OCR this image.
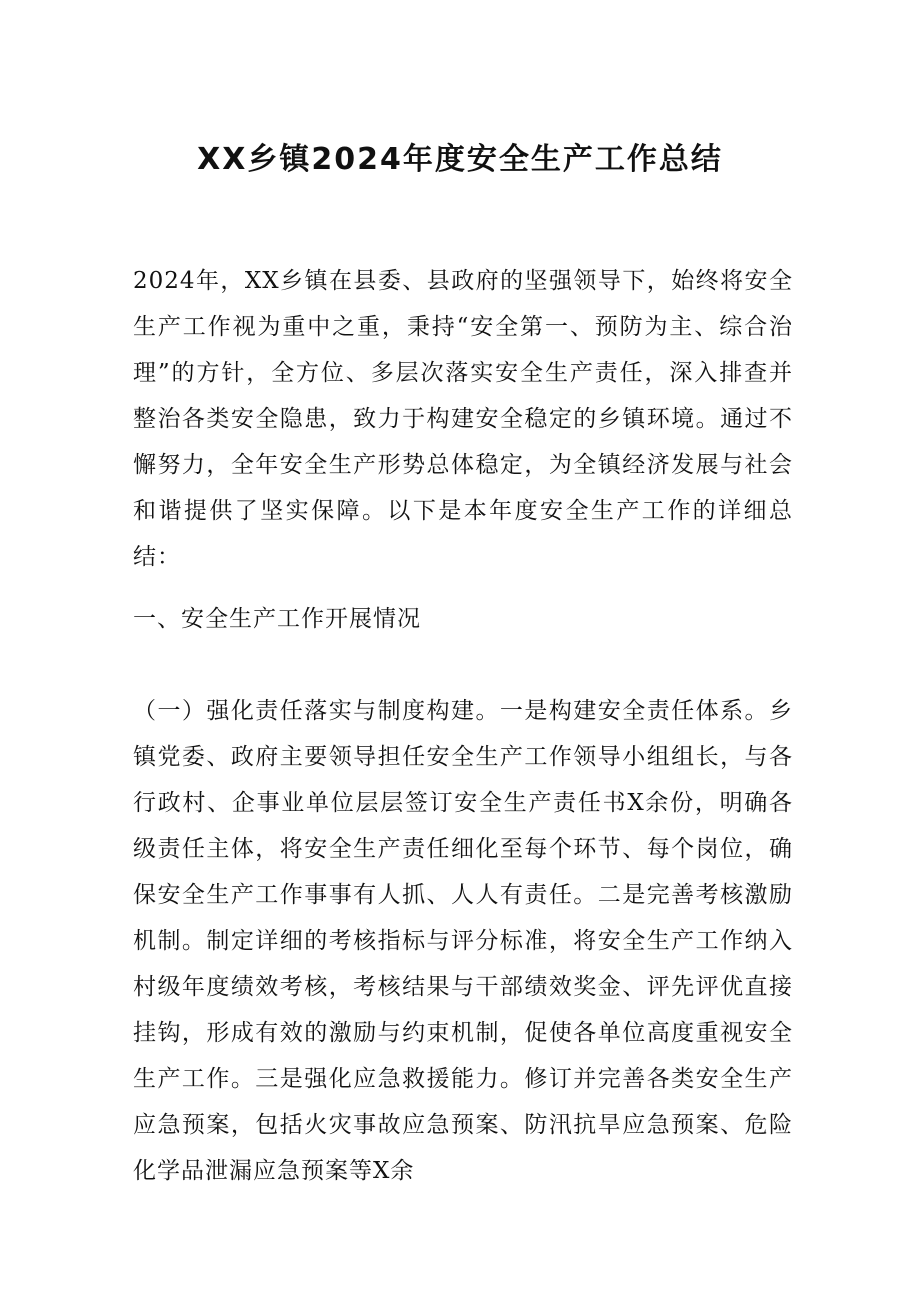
XX乡镇2024年度安全生产工作总结

2024年，XX乡镇在县委、县政府的坚强领导下，始终将安全生产工作视为重中之重，秉持“安全第一、预防为主、综合治理”的方针，全方位、多层次落实安全生产责任，深入排查并整治各类安全隐患，致力于构建安全稳定的乡镇环境。通过不懈努力，全年安全生产形势总体稳定，为全镇经济发展与社会和谐提供了坚实保障。以下是本年度安全生产工作的详细总结：

一、安全生产工作开展情况

（一）强化责任落实与制度构建。一是构建安全责任体系。乡镇党委、政府主要领导担任安全生产工作领导小组组长，与各行政村、企事业单位层层签订安全生产责任书X余份，明确各级责任主体，将安全生产责任细化至每个环节、每个岗位，确保安全生产工作事事有人抓、人人有责任。二是完善考核激励机制。制定详细的考核指标与评分标准，将安全生产工作纳入村级年度绩效考核，考核结果与干部绩效奖金、评先评优直接挂钩，形成有效的激励与约束机制，促使各单位高度重视安全生产工作。三是强化应急救援能力。修订并完善各类安全生产应急预案，包括火灾事故应急预案、防汛抗旱应急预案、危险化学品泄漏应急预案等X余
